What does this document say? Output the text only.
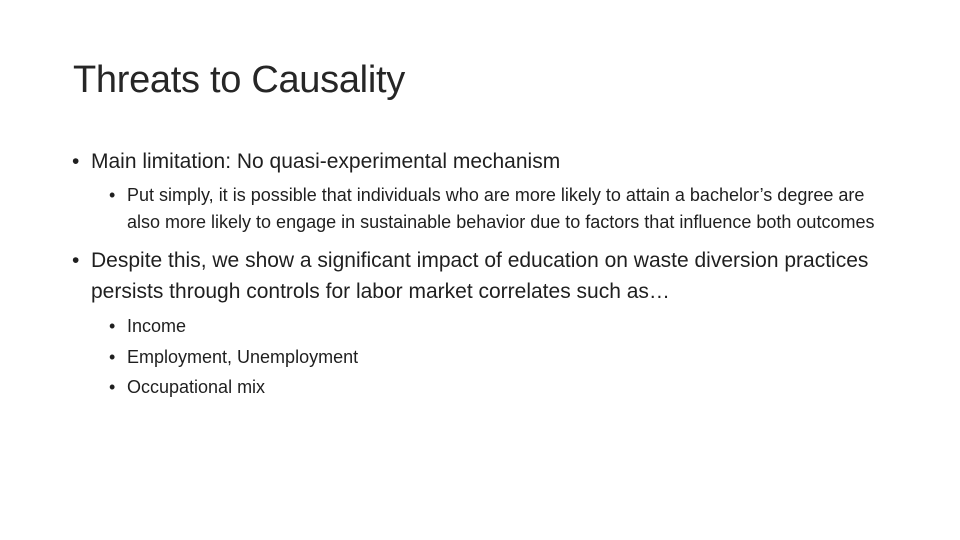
Threats to Causality
• Main limitation: No quasi-experimental mechanism
• Put simply, it is possible that individuals who are more likely to attain a bachelor’s degree are also more likely to engage in sustainable behavior due to factors that influence both outcomes
• Despite this, we show a significant impact of education on waste diversion practices persists through controls for labor market correlates such as…
• Income
• Employment, Unemployment
• Occupational mix
